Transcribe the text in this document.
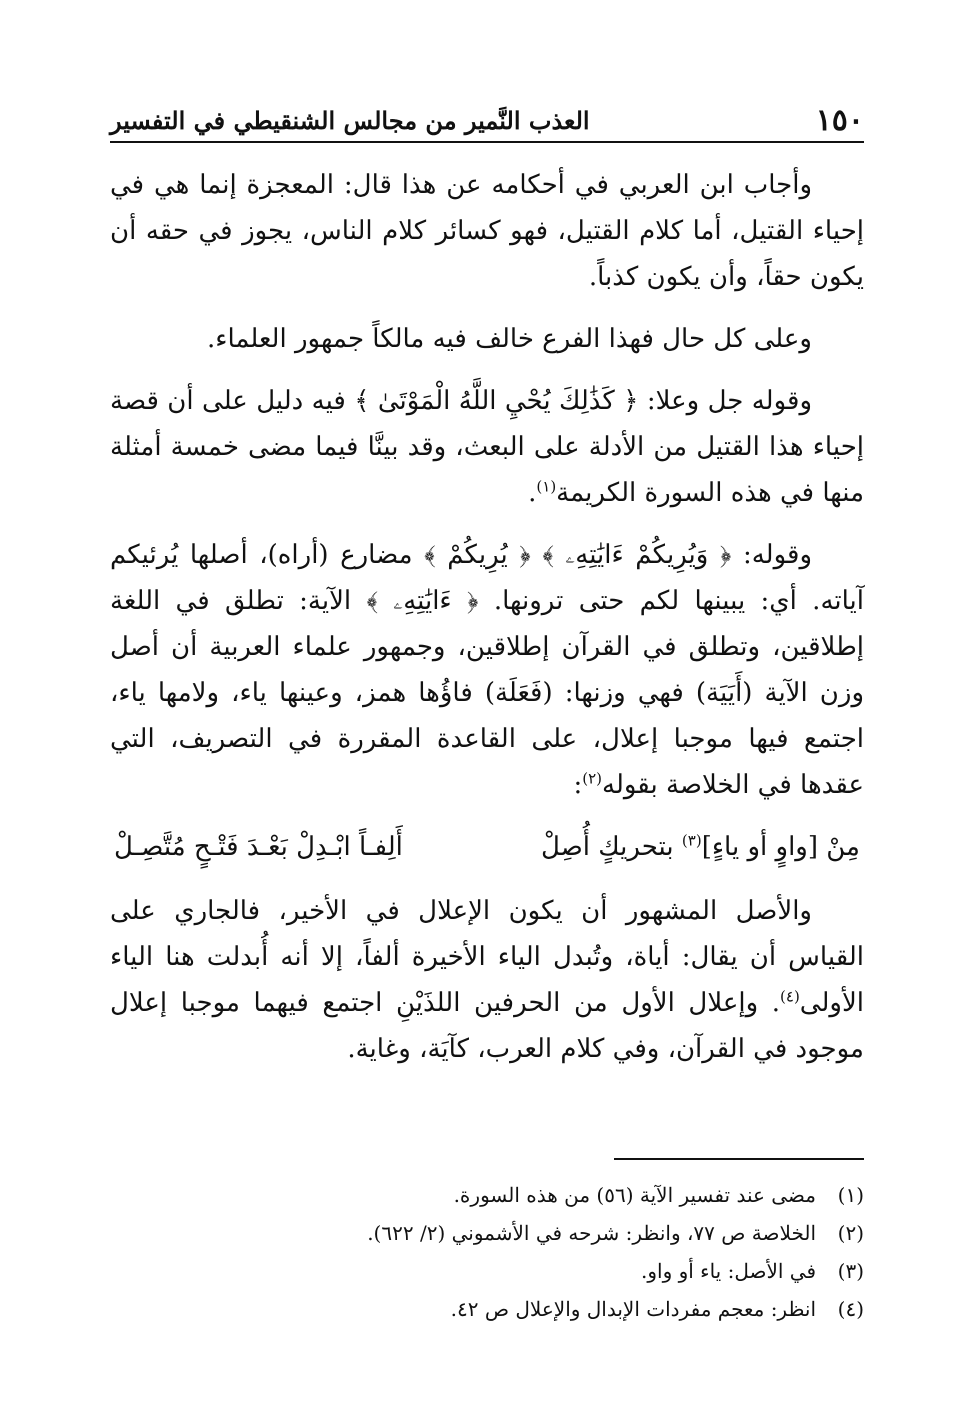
١٥٠
العذب النَّمير من مجالس الشنقيطي في التفسير

وأجاب ابن العربي في أحكامه عن هذا قال: المعجزة إنما هي في إحياء القتيل، أما كلام القتيل، فهو كسائر كلام الناس، يجوز في حقه أن يكون حقاً، وأن يكون كذباً.

وعلى كل حال فهذا الفرع خالف فيه مالكاً جمهور العلماء.

وقوله جل وعلا: ﴿ كَذَٰلِكَ يُحْيِ اللَّهُ الْمَوْتَىٰ ﴾ فيه دليل على أن قصة إحياء هذا القتيل من الأدلة على البعث، وقد بينَّا فيما مضى خمسة أمثلة منها في هذه السورة الكريمة$^{(١)}$.

وقوله: ﴿ وَيُرِيكُمْ ءَايَٰتِهِۦ ﴾ ﴿ يُرِيكُمْ ﴾ مضارع (أراه)، أصلها يُرئيكم آياته. أي: يبينها لكم حتى ترونها. ﴿ ءَايَٰتِهِۦ ﴾ الآية: تطلق في اللغة إطلاقين، وتطلق في القرآن إطلاقين، وجمهور علماء العربية أن أصل وزن الآية (أَيَيَة) فهي وزنها: (فَعَلَة) فاؤُها همز، وعينها ياء، ولامها ياء، اجتمع فيها موجبا إعلال، على القاعدة المقررة في التصريف، التي عقدها في الخلاصة بقوله$^{(٢)}$:

مِنْ [واوٍ أو ياءٍ]$^{(٣)}$ بتحريكٍ أُصِلْ
أَلِفـاً ابْـدِلْ بَعْـدَ فَتْـحٍ مُتَّصِـلْ

والأصل المشهور أن يكون الإعلال في الأخير، فالجاري على القياس أن يقال: أياة، وتُبدل الياء الأخيرة ألفاً، إلا أنه أُبدلت هنا الياء الأولى$^{(٤)}$. وإعلال الأول من الحرفين اللذَيْنِ اجتمع فيهما موجبا إعلال موجود في القرآن، وفي كلام العرب، كآيَة، وغاية.

(١)
مضى عند تفسير الآية (٥٦) من هذه السورة.
(٢)
الخلاصة ص ٧٧، وانظر: شرحه في الأشموني (٢/ ٦٢٢).
(٣)
في الأصل: ياء أو واو.
(٤)
انظر: معجم مفردات الإبدال والإعلال ص ٤٢.
